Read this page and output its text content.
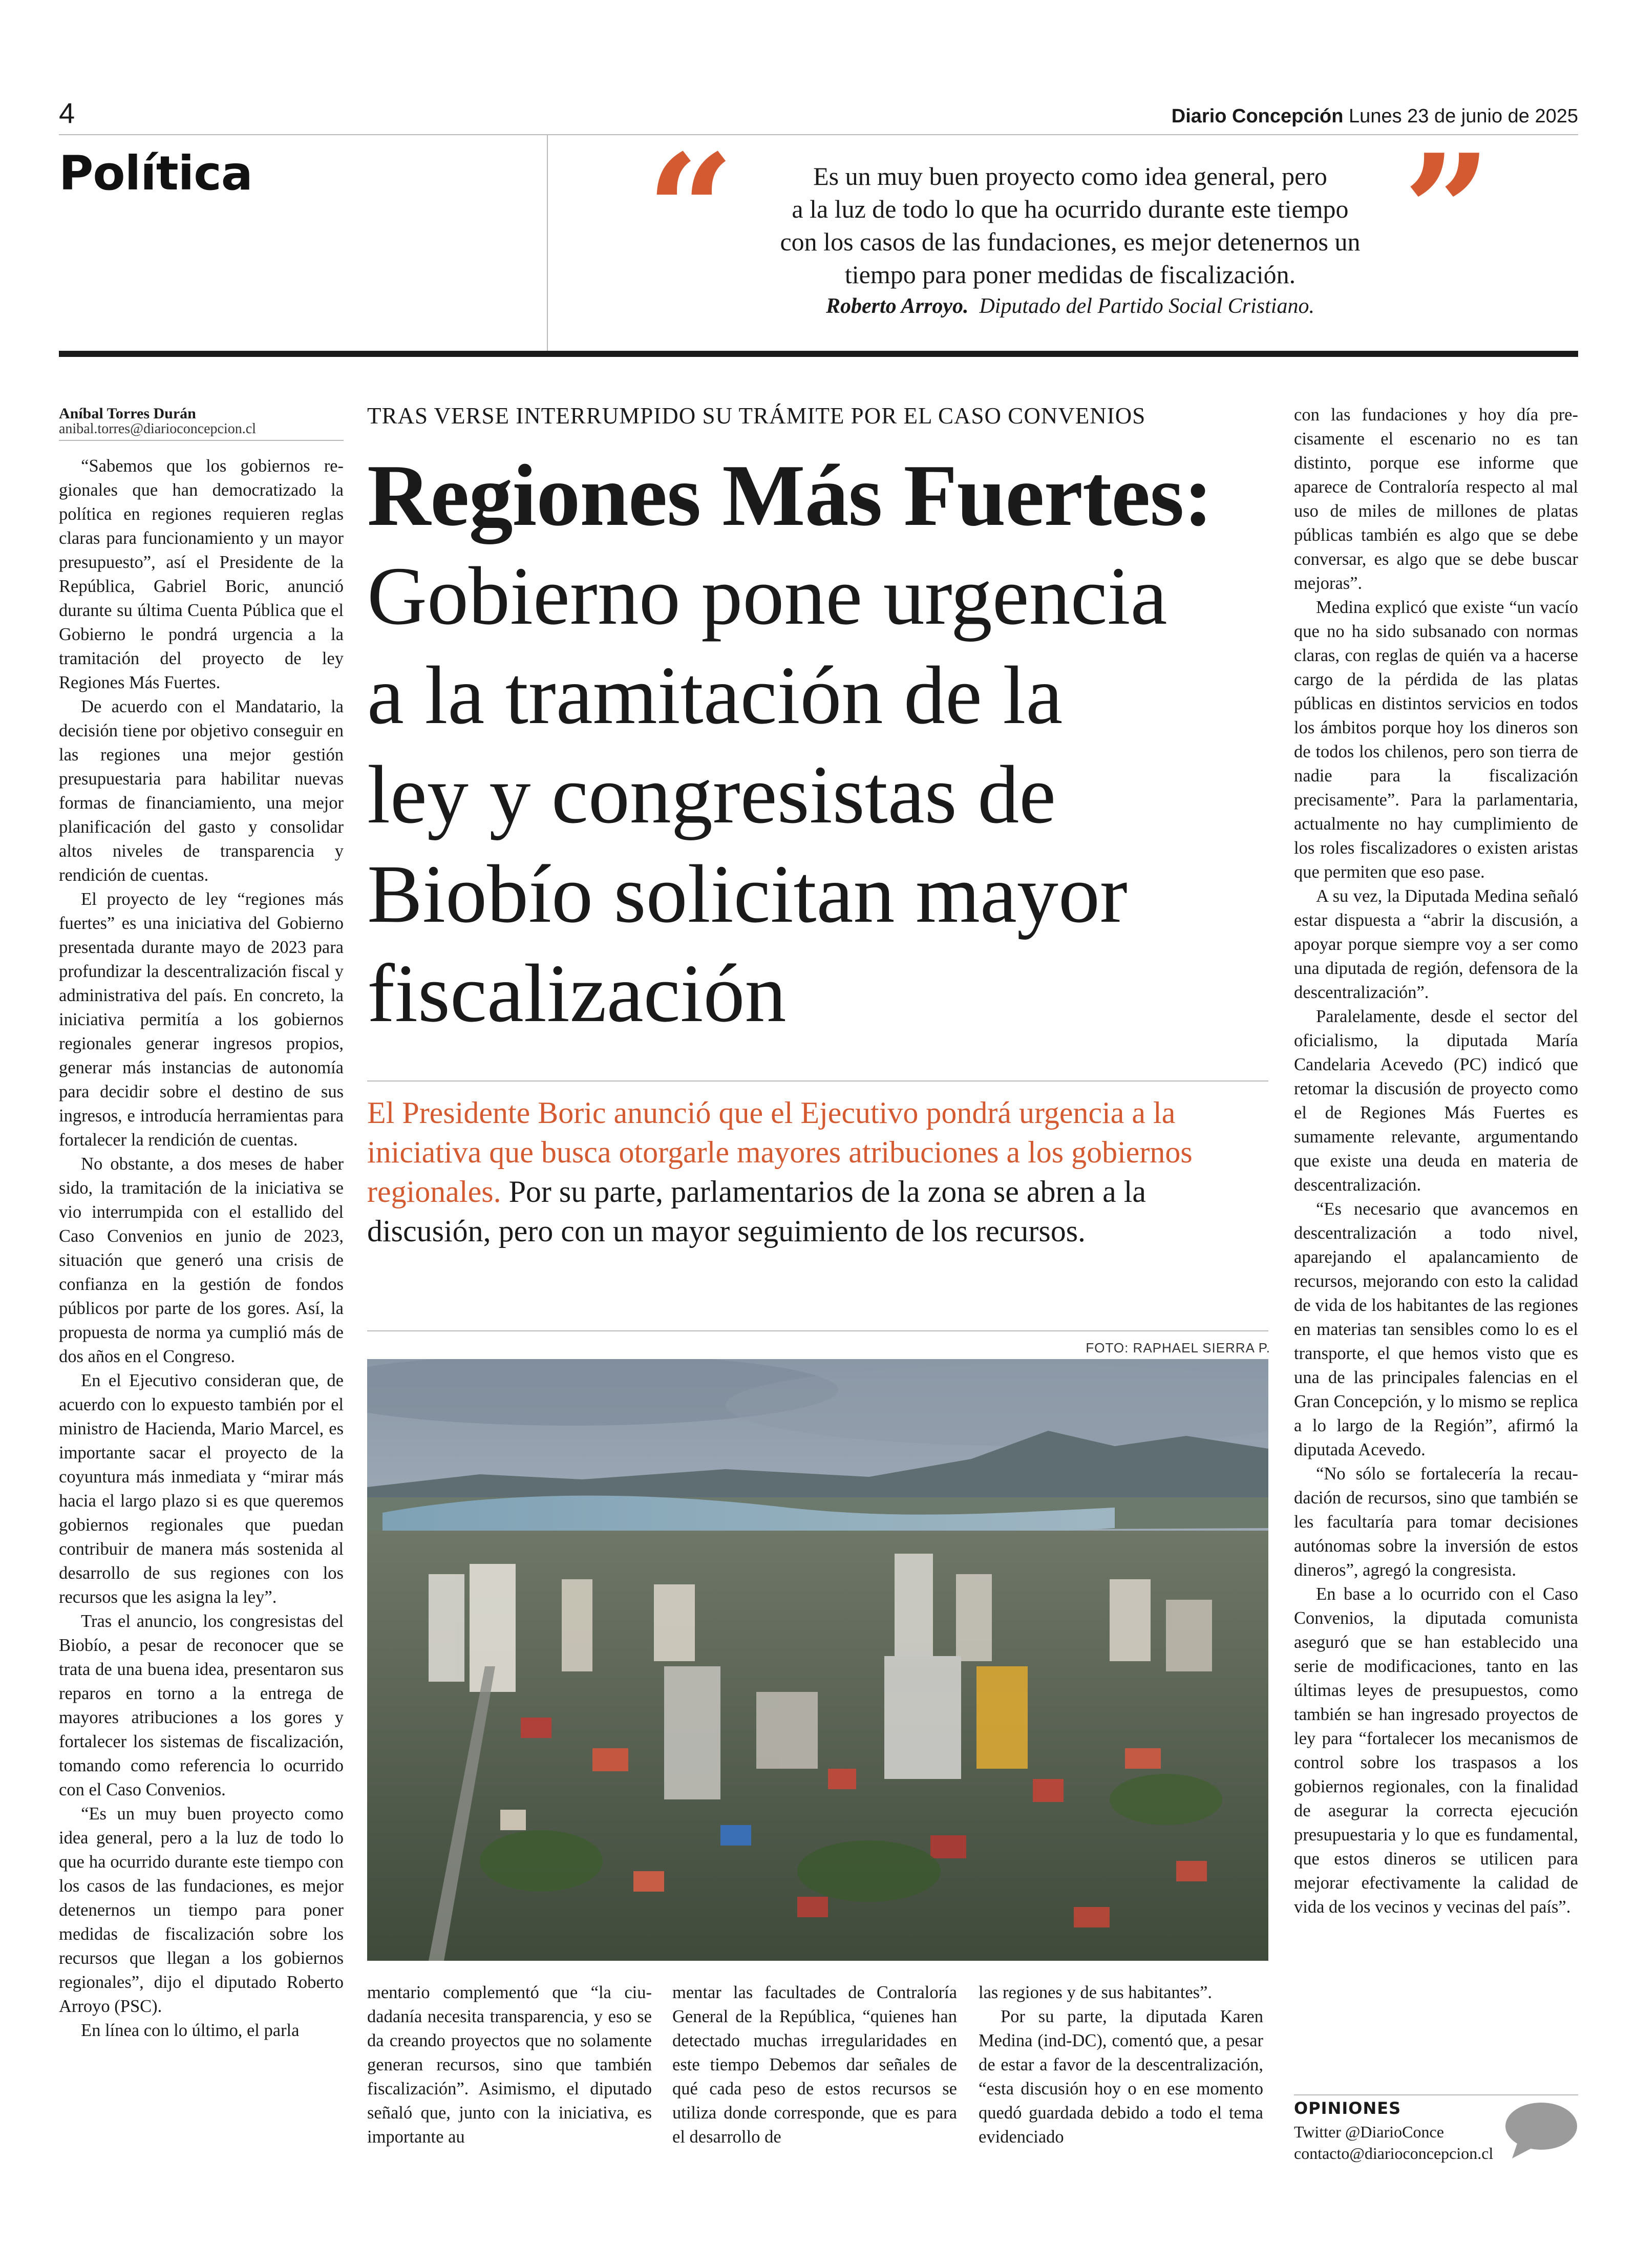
4	Diario Concepción Lunes 23 de junio de 2025
Política	“	”
Es un muy buen proyecto como idea general, pero
a la luz de todo lo que ha ocurrido durante este tiempo
con los casos de las fundaciones, es mejor detenernos un
tiempo para poner medidas de fiscalización.
Roberto Arroyo. Diputado del Partido Social Cristiano.
Aníbal Torres Durán
anibal.torres@diarioconcepcion.cl
TRAS VERSE INTERRUMPIDO SU TRÁMITE POR EL CASO CONVENIOS
Regiones Más Fuertes:
Gobierno pone urgencia
a la tramitación de la
ley y congresistas de
Biobío solicitan mayor
fiscalización
El Presidente Boric anunció que el Ejecutivo pondrá urgencia a la iniciativa que busca otorgarle mayores atribuciones a los gobiernos regionales. Por su parte, parlamentarios de la zona se abren a la discusión, pero con un mayor seguimiento de los recursos.
FOTO: RAPHAEL SIERRA P.

“Sabemos que los gobiernos regionales que han democratizado la política en regiones requieren reglas claras para funcionamiento y un mayor presupuesto”, así el Presidente de la República, Gabriel Boric, anunció durante su última Cuenta Pública que el Gobierno le pondrá urgencia a la tramitación del proyecto de ley Regiones Más Fuertes.

De acuerdo con el Mandatario, la decisión tiene por objetivo conseguir en las regiones una mejor gestión presupuestaria para habilitar nuevas formas de financiamiento, una mejor planificación del gasto y consolidar altos niveles de transparencia y rendición de cuentas.

El proyecto de ley “regiones más fuertes” es una iniciativa del Gobierno presentada durante mayo de 2023 para profundizar la descentralización fiscal y administrativa del país. En concreto, la iniciativa permitía a los gobiernos regionales generar ingresos propios, generar más instancias de autonomía para decidir sobre el destino de sus ingresos, e introducía herramientas para fortalecer la rendición de cuentas.

No obstante, a dos meses de haber sido, la tramitación de la iniciativa se vio interrumpida con el estallido del Caso Convenios en junio de 2023, situación que generó una crisis de confianza en la gestión de fondos públicos por parte de los gores. Así, la propuesta de norma ya cumplió más de dos años en el Congreso.

En el Ejecutivo consideran que, de acuerdo con lo expuesto también por el ministro de Hacienda, Mario Marcel, es importante sacar el proyecto de la coyuntura más inmediata y “mirar más hacia el largo plazo si es que queremos gobiernos regionales que puedan contribuir de manera más sostenida al desarrollo de sus regiones con los recursos que les asigna la ley”.

Tras el anuncio, los congresistas del Biobío, a pesar de reconocer que se trata de una buena idea, presentaron sus reparos en torno a la entrega de mayores atribuciones a los gores y fortalecer los sistemas de fiscalización, tomando como referencia lo ocurrido con el Caso Convenios.

“Es un muy buen proyecto como idea general, pero a la luz de todo lo que ha ocurrido durante este tiempo con los casos de las fundaciones, es mejor detenernos un tiempo para poner medidas de fiscalización sobre los recursos que llegan a los gobiernos regionales”, dijo el diputado Roberto Arroyo (PSC).

En línea con lo último, el parla

mentario complementó que “la ciudadanía necesita transparencia, y eso se da creando proyectos que no solamente generan recursos, sino que también fiscalización”. Asimismo, el diputado señaló que, junto con la iniciativa, es importante au

mentar las facultades de Contraloría General de la República, “quienes han detectado muchas irregularidades en este tiempo Debemos dar señales de qué cada peso de estos recursos se utiliza donde corresponde, que es para el desarrollo de

las regiones y de sus habitantes”.

Por su parte, la diputada Karen Medina (ind-DC), comentó que, a pesar de estar a favor de la descentralización, “esta discusión hoy o en ese momento quedó guardada debido a todo el tema evidenciado

con las fundaciones y hoy día precisamente el escenario no es tan distinto, porque ese informe que aparece de Contraloría respecto al mal uso de miles de millones de platas públicas también es algo que se debe conversar, es algo que se debe buscar mejoras”.

Medina explicó que existe “un vacío que no ha sido subsanado con normas claras, con reglas de quién va a hacerse cargo de la pérdida de las platas públicas en distintos servicios en todos los ámbitos porque hoy los dineros son de todos los chilenos, pero son tierra de nadie para la fiscalización precisamente”. Para la parlamentaria, actualmente no hay cumplimiento de los roles fiscalizadores o existen aristas que permiten que eso pase.

A su vez, la Diputada Medina señaló estar dispuesta a “abrir la discusión, a apoyar porque siempre voy a ser como una diputada de región, defensora de la descentralización”.

Paralelamente, desde el sector del oficialismo, la diputada María Candelaria Acevedo (PC) indicó que retomar la discusión de proyecto como el de Regiones Más Fuertes es sumamente relevante, argumentando que existe una deuda en materia de descentralización.

“Es necesario que avancemos en descentralización a todo nivel, aparejando el apalancamiento de recursos, mejorando con esto la calidad de vida de los habitantes de las regiones en materias tan sensibles como lo es el transporte, el que hemos visto que es una de las principales falencias en el Gran Concepción, y lo mismo se replica a lo largo de la Región”, afirmó la diputada Acevedo.

“No sólo se fortalecería la recaudación de recursos, sino que también se les facultaría para tomar decisiones autónomas sobre la inversión de estos dineros”, agregó la congresista.

En base a lo ocurrido con el Caso Convenios, la diputada comunista aseguró que se han establecido una serie de modificaciones, tanto en las últimas leyes de presupuestos, como también se han ingresado proyectos de ley para “fortalecer los mecanismos de control sobre los traspasos a los gobiernos regionales, con la finalidad de asegurar la correcta ejecución presupuestaria y lo que es fundamental, que estos dineros se utilicen para mejorar efectivamente la calidad de vida de los vecinos y vecinas del país”.

OPINIONES
Twitter @DiarioConce
contacto@diarioconcepcion.cl
